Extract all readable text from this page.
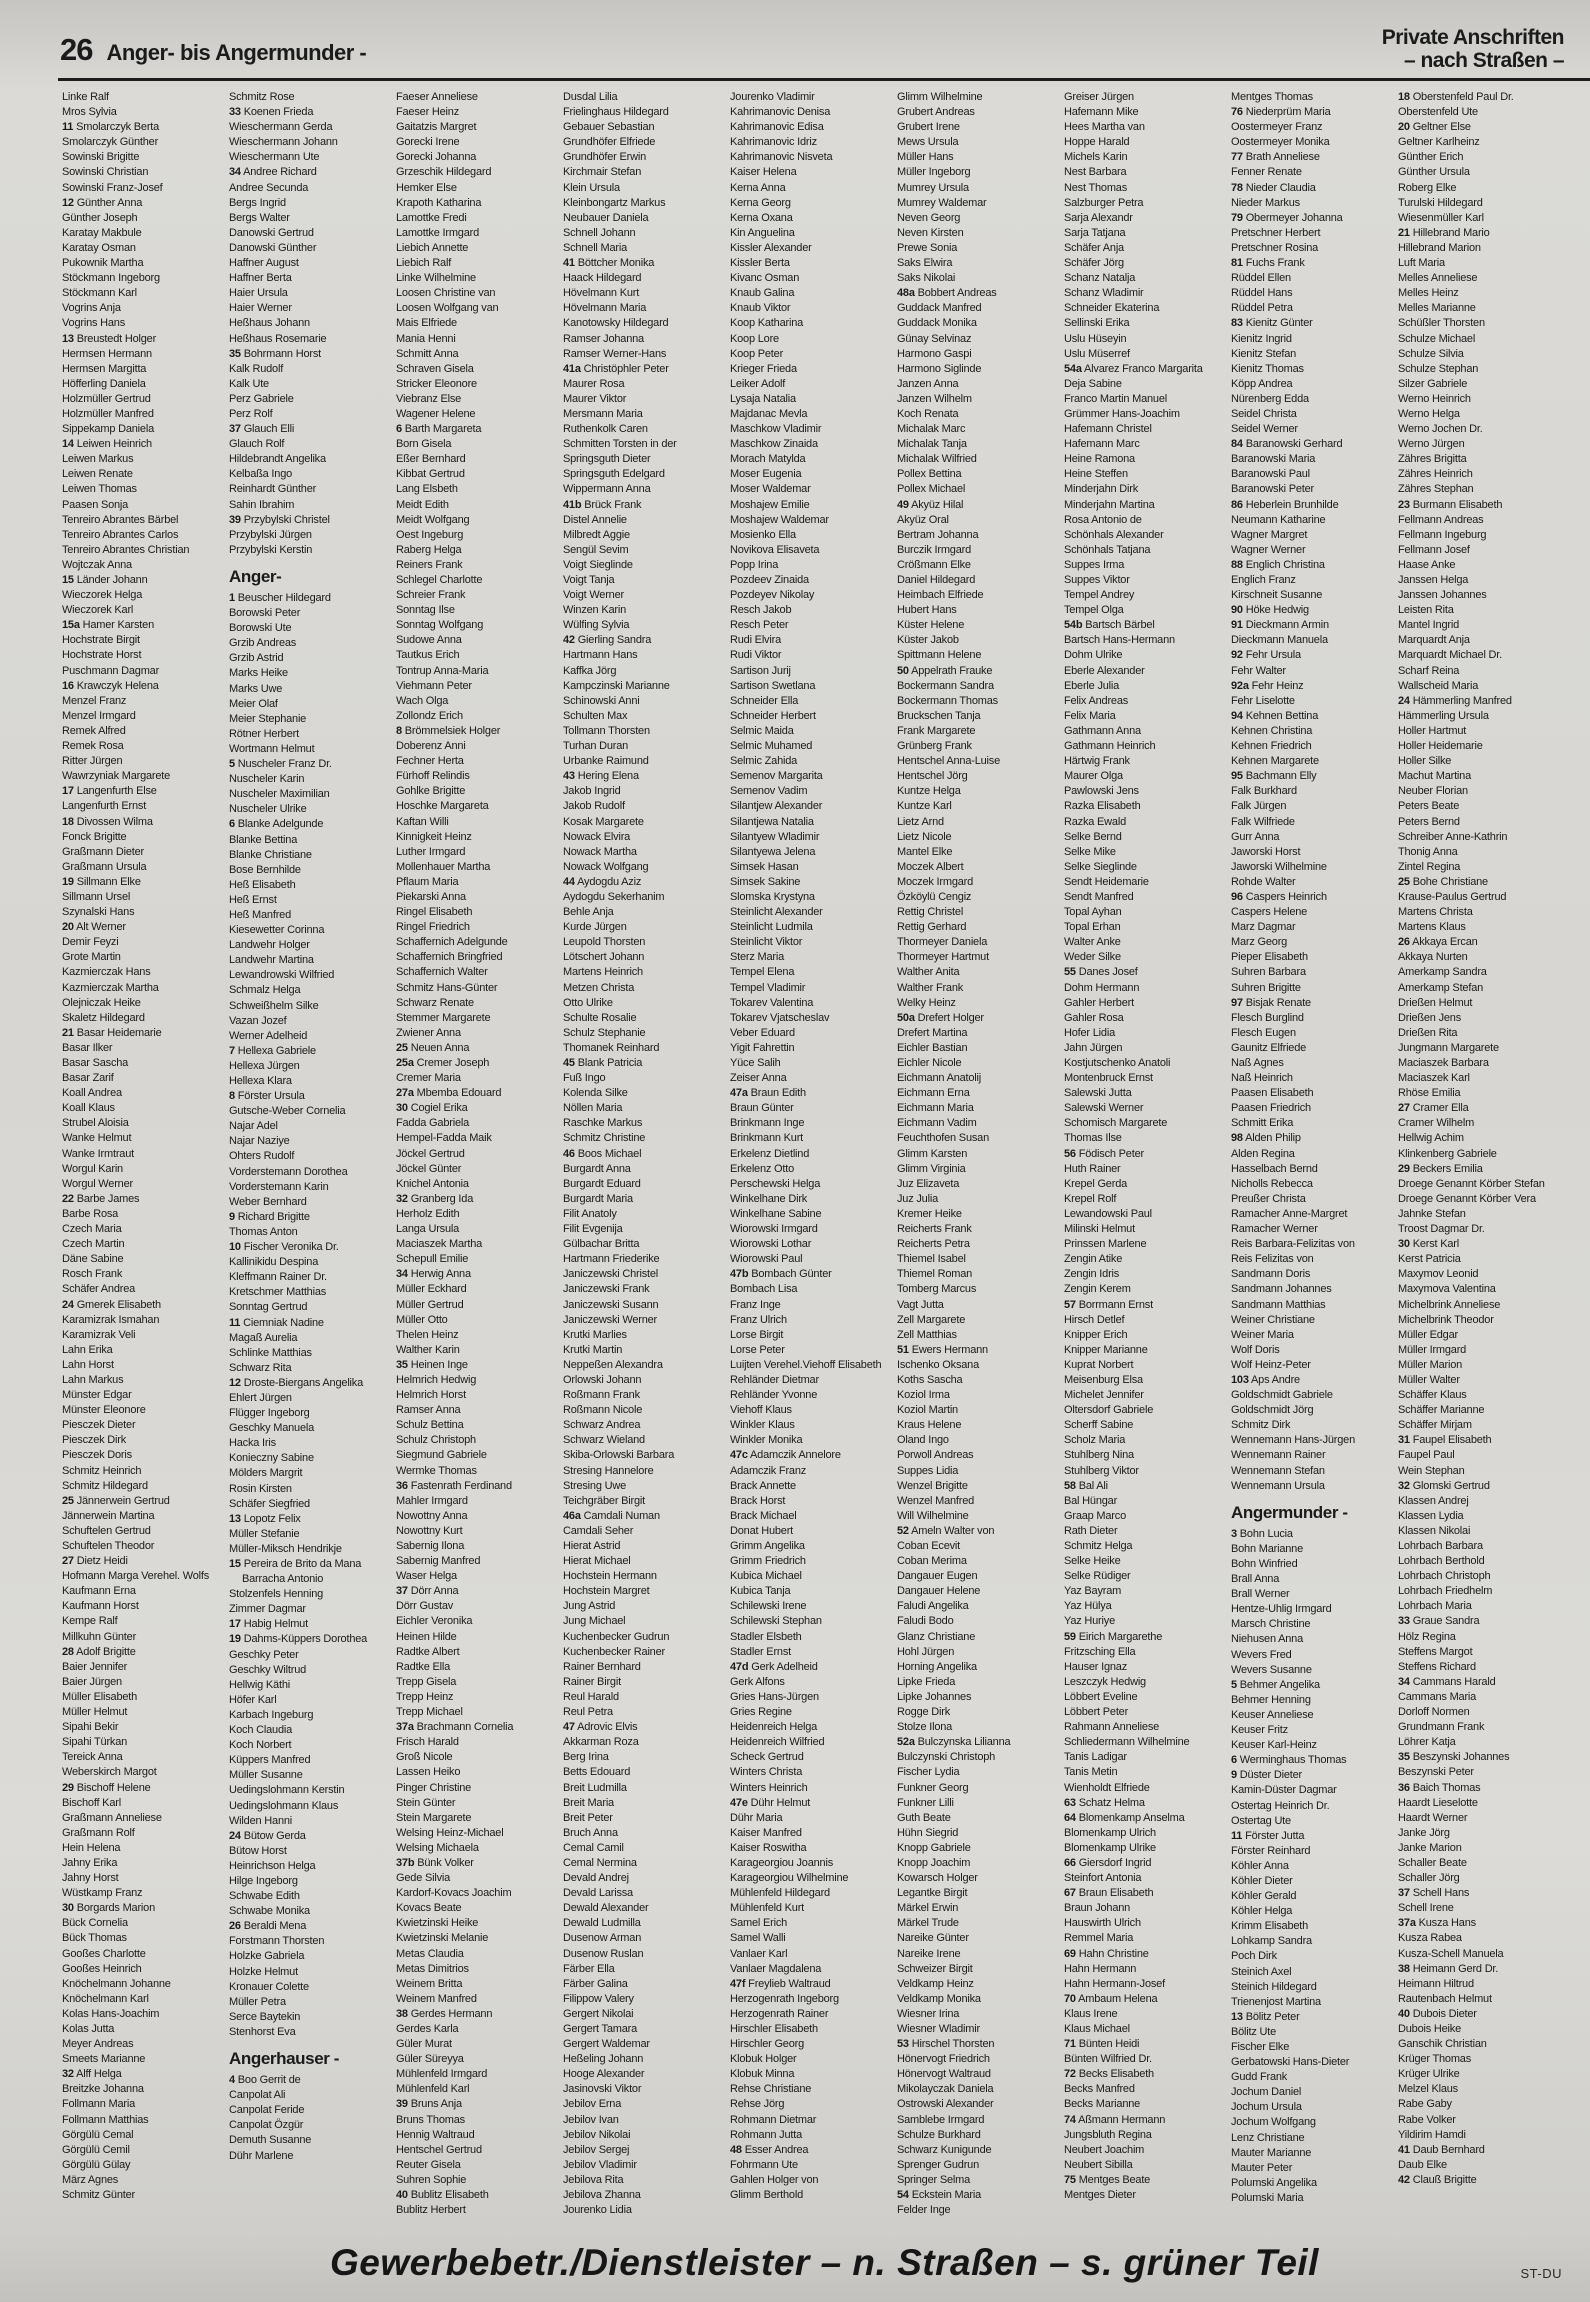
26 Anger- bis Angermunder -
Private Anschriften
– nach Straßen –
Linke Ralf
Mros Sylvia
11 Smolarczyk Berta
Smolarczyk Günther
Sowinski Brigitte
Sowinski Christian
Sowinski Franz-Josef
12 Günther Anna
Günther Joseph
Karatay Makbule
Karatay Osman
Pukownik Martha
Stöckmann Ingeborg
Stöckmann Karl
Vogrins Anja
Vogrins Hans
13 Breustedt Holger
Hermsen Hermann
Hermsen Margitta
Höfferling Daniela
Holzmüller Gertrud
Holzmüller Manfred
Sippekamp Daniela
14 Leiwen Heinrich
Leiwen Markus
Leiwen Renate
Leiwen Thomas
Paasen Sonja
Tenreiro Abrantes Bärbel
Tenreiro Abrantes Carlos
Tenreiro Abrantes Christian
Wojtczak Anna
15 Länder Johann
Wieczorek Helga
Wieczorek Karl
15a Hamer Karsten
Hochstrate Birgit
Hochstrate Horst
Puschmann Dagmar
16 Krawczyk Helena
Menzel Franz
Menzel Irmgard
Remek Alfred
Remek Rosa
Ritter Jürgen
Wawrzyniak Margarete
17 Langenfurth Else
Langenfurth Ernst
18 Divossen Wilma
Fonck Brigitte
Graßmann Dieter
Graßmann Ursula
19 Sillmann Elke
Sillmann Ursel
Szynalski Hans
20 Alt Werner
Demir Feyzi
Grote Martin
Kazmierczak Hans
Kazmierczak Martha
Olejniczak Heike
Skaletz Hildegard
21 Basar Heidemarie
Basar Ilker
Basar Sascha
Basar Zarif
Koall Andrea
Koall Klaus
Strubel Aloisia
Wanke Helmut
Wanke Irmtraut
Worgul Karin
Worgul Werner
22 Barbe James
Barbe Rosa
Czech Maria
Czech Martin
Däne Sabine
Rosch Frank
Schäfer Andrea
24 Gmerek Elisabeth
Karamizrak Ismahan
Karamizrak Veli
Lahn Erika
Lahn Horst
Lahn Markus
Münster Edgar
Münster Eleonore
Piesczek Dieter
Piesczek Dirk
Piesczek Doris
Schmitz Heinrich
Schmitz Hildegard
25 Jännerwein Gertrud
Jännerwein Martina
Schuftelen Gertrud
Schuftelen Theodor
27 Dietz Heidi
Hofmann Marga Verehel. Wolfs
Kaufmann Erna
Kaufmann Horst
Kempe Ralf
Millkuhn Günter
28 Adolf Brigitte
Baier Jennifer
Baier Jürgen
Müller Elisabeth
Müller Helmut
Sipahi Bekir
Sipahi Türkan
Tereick Anna
Weberskirch Margot
29 Bischoff Helene
Bischoff Karl
Graßmann Anneliese
Graßmann Rolf
Hein Helena
Jahny Erika
Jahny Horst
Wüstkamp Franz
30 Borgards Marion
Bück Cornelia
Bück Thomas
Gooßes Charlotte
Gooßes Heinrich
Knöchelmann Johanne
Knöchelmann Karl
Kolas Hans-Joachim
Kolas Jutta
Meyer Andreas
Smeets Marianne
32 Alff Helga
Breitzke Johanna
Follmann Maria
Follmann Matthias
Görgülü Cemal
Görgülü Cemil
Görgülü Gülay
März Agnes
Schmitz Günter
Schmitz Rose
33 Koenen Frieda
Wieschermann Gerda
Wieschermann Johann
Wieschermann Ute
34 Andree Richard
Andree Secunda
Bergs Ingrid
Bergs Walter
Danowski Gertrud
Danowski Günther
Haffner August
Haffner Berta
Haier Ursula
Haier Werner
Heßhaus Johann
Heßhaus Rosemarie
35 Bohrmann Horst
Kalk Rudolf
Kalk Ute
Perz Gabriele
Perz Rolf
37 Glauch Elli
Glauch Rolf
Hildebrandt Angelika
Kelbaßa Ingo
Reinhardt Günther
Sahin Ibrahim
39 Przybylski Christel
Przybylski Jürgen
Przybylski Kerstin
Anger-
1 Beuscher Hildegard
Borowski Peter
Borowski Ute
Grzib Andreas
Grzib Astrid
Marks Heike
Marks Uwe
Meier Olaf
Meier Stephanie
Rötner Herbert
Wortmann Helmut
5 Nuscheler Franz Dr.
Nuscheler Karin
Nuscheler Maximilian
Nuscheler Ulrike
6 Blanke Adelgunde
Blanke Bettina
Blanke Christiane
Bose Bernhilde
Heß Elisabeth
Heß Ernst
Heß Manfred
Kiesewetter Corinna
Landwehr Holger
Landwehr Martina
Lewandrowski Wilfried
Schmalz Helga
Schweißhelm Silke
Vazan Jozef
Werner Adelheid
7 Hellexa Gabriele
Hellexa Jürgen
Hellexa Klara
8 Förster Ursula
Gutsche-Weber Cornelia
Najar Adel
Najar Naziye
Ohters Rudolf
Vorderstemann Dorothea
Vorderstemann Karin
Weber Bernhard
9 Richard Brigitte
Thomas Anton
10 Fischer Veronika Dr.
Kallinikidu Despina
Kleffmann Rainer Dr.
Kretschmer Matthias
Sonntag Gertrud
11 Ciemniak Nadine
Magaß Aurelia
Schlinke Matthias
Schwarz Rita
12 Droste-Biergans Angelika
Ehlert Jürgen
Flügger Ingeborg
Geschky Manuela
Hacka Iris
Konieczny Sabine
Mölders Margrit
Rosin Kirsten
Schäfer Siegfried
13 Lopotz Felix
Müller Stefanie
Müller-Miksch Hendrikje
15 Pereira de Brito da Mana Barracha Antonio
Stolzenfels Henning
Zimmer Dagmar
17 Habig Helmut
19 Dahms-Küppers Dorothea
Geschky Peter
Geschky Wiltrud
Hellwig Käthi
Höfer Karl
Karbach Ingeburg
Koch Claudia
Koch Norbert
Küppers Manfred
Müller Susanne
Uedingslohmann Kerstin
Uedingslohmann Klaus
Wilden Hanni
24 Bütow Gerda
Bütow Horst
Heinrichson Helga
Hilge Ingeborg
Schwabe Edith
Schwabe Monika
26 Beraldi Mena
Forstmann Thorsten
Holzke Gabriela
Holzke Helmut
Kronauer Colette
Müller Petra
Serce Baytekin
Stenhorst Eva
Angerhauser -
4 Boo Gerrit de
Canpolat Ali
Canpolat Feride
Canpolat Özgür
Demuth Susanne
Dühr Marlene
Faeser Anneliese
Faeser Heinz
Gaitatzis Margret
Gorecki Irene
Gorecki Johanna
Grzeschik Hildegard
Hemker Else
Krapoth Katharina
Lamottke Fredi
Lamottke Irmgard
Liebich Annette
Liebich Ralf
Linke Wilhelmine
Loosen Christine van
Loosen Wolfgang van
Mais Elfriede
Mania Henni
Schmitt Anna
Schraven Gisela
Stricker Eleonore
Viebranz Else
Wagener Helene
6 Barth Margareta
Born Gisela
Eßer Bernhard
Kibbat Gertrud
Lang Elsbeth
Meidt Edith
Meidt Wolfgang
Oest Ingeburg
Raberg Helga
Reiners Frank
Schlegel Charlotte
Schreier Frank
Sonntag Ilse
Sonntag Wolfgang
Sudowe Anna
Tautkus Erich
Tontrup Anna-Maria
Viehmann Peter
Wach Olga
Zollondz Erich
8 Brömmelsiek Holger
Doberenz Anni
Fechner Herta
Fürhoff Relindis
Gohlke Brigitte
Hoschke Margareta
Kaftan Willi
Kinnigkeit Heinz
Luther Irmgard
Mollenhauer Martha
Pflaum Maria
Piekarski Anna
Ringel Elisabeth
Ringel Friedrich
Schaffernich Adelgunde
Schaffernich Bringfried
Schaffernich Walter
Schmitz Hans-Günter
Schwarz Renate
Stemmer Margarete
Zwiener Anna
25 Neuen Anna
25a Cremer Joseph
Cremer Maria
27a Mbemba Edouard
30 Cogiel Erika
Fadda Gabriela
Hempel-Fadda Maik
Jöckel Gertrud
Jöckel Günter
Knichel Antonia
32 Granberg Ida
Herholz Edith
Langa Ursula
Maciaszek Martha
Schepull Emilie
34 Herwig Anna
Müller Eckhard
Müller Gertrud
Müller Otto
Thelen Heinz
Walther Karin
35 Heinen Inge
Helmrich Hedwig
Helmrich Horst
Ramser Anna
Schulz Bettina
Schulz Christoph
Siegmund Gabriele
Wermke Thomas
36 Fastenrath Ferdinand
Mahler Irmgard
Nowottny Anna
Nowottny Kurt
Sabernig Ilona
Sabernig Manfred
Waser Helga
37 Dörr Anna
Dörr Gustav
Eichler Veronika
Heinen Hilde
Radtke Albert
Radtke Ella
Trepp Gisela
Trepp Heinz
Trepp Michael
37a Brachmann Cornelia
Frisch Harald
Groß Nicole
Lassen Heiko
Pinger Christine
Stein Günter
Stein Margarete
Welsing Heinz-Michael
Welsing Michaela
37b Bünk Volker
Gede Silvia
Kardorf-Kovacs Joachim
Kovacs Beate
Kwietzinski Heike
Kwietzinski Melanie
Metas Claudia
Metas Dimitrios
Weinem Britta
Weinem Manfred
38 Gerdes Hermann
Gerdes Karla
Güler Murat
Güler Süreyya
Mühlenfeld Irmgard
Mühlenfeld Karl
39 Bruns Anja
Bruns Thomas
Hennig Waltraud
Hentschel Gertrud
Reuter Gisela
Suhren Sophie
40 Bublitz Elisabeth
Bublitz Herbert
Dusdal Lilia
Frielinghaus Hildegard
Gebauer Sebastian
Grundhöfer Elfriede
Grundhöfer Erwin
Kirchmair Stefan
Klein Ursula
Kleinbongartz Markus
Neubauer Daniela
Schnell Johann
Schnell Maria
41 Böttcher Monika
Haack Hildegard
Hövelmann Kurt
Hövelmann Maria
Kanotowsky Hildegard
Ramser Johanna
Ramser Werner-Hans
41a Christöphler Peter
Maurer Rosa
Maurer Viktor
Mersmann Maria
Ruthenkolk Caren
Schmitten Torsten in der
Springsguth Dieter
Springsguth Edelgard
Wippermann Anna
41b Brück Frank
Distel Annelie
Milbredt Aggie
Sengül Sevim
Voigt Sieglinde
Voigt Tanja
Voigt Werner
Winzen Karin
Wülfing Sylvia
42 Gierling Sandra
Hartmann Hans
Kaffka Jörg
Kampczinski Marianne
Schinowski Anni
Schulten Max
Tollmann Thorsten
Turhan Duran
Urbanke Raimund
43 Hering Elena
Jakob Ingrid
Jakob Rudolf
Kosak Margarete
Nowack Elvira
Nowack Martha
Nowack Wolfgang
44 Aydogdu Aziz
Aydogdu Sekerhanim
Behle Anja
Kurde Jürgen
Leupold Thorsten
Lötschert Johann
Martens Heinrich
Metzen Christa
Otto Ulrike
Schulte Rosalie
Schulz Stephanie
Thomanek Reinhard
45 Blank Patricia
Fuß Ingo
Kolenda Silke
Nöllen Maria
Raschke Markus
Schmitz Christine
46 Boos Michael
Burgardt Anna
Burgardt Eduard
Burgardt Maria
Filit Anatoly
Filit Evgenija
Gülbachar Britta
Hartmann Friederike
Janiczewski Christel
Janiczewski Frank
Janiczewski Susann
Janiczewski Werner
Krutki Marlies
Krutki Martin
Neppeßen Alexandra
Orlowski Johann
Roßmann Frank
Roßmann Nicole
Schwarz Andrea
Schwarz Wieland
Skiba-Orlowski Barbara
Stresing Hannelore
Stresing Uwe
Teichgräber Birgit
46a Camdali Numan
Camdali Seher
Hierat Astrid
Hierat Michael
Hochstein Hermann
Hochstein Margret
Jung Astrid
Jung Michael
Kuchenbecker Gudrun
Kuchenbecker Rainer
Rainer Bernhard
Rainer Birgit
Reul Harald
Reul Petra
47 Adrovic Elvis
Akkarman Roza
Berg Irina
Betts Edouard
Breit Ludmilla
Breit Maria
Breit Peter
Bruch Anna
Cemal Camil
Cemal Nermina
Devald Andrej
Devald Larissa
Dewald Alexander
Dewald Ludmilla
Dusenow Arman
Dusenow Ruslan
Färber Ella
Färber Galina
Filippow Valery
Gergert Nikolai
Gergert Tamara
Gergert Waldemar
Heßeling Johann
Hooge Alexander
Jasinovski Viktor
Jebilov Erna
Jebilov Ivan
Jebilov Nikolai
Jebilov Sergej
Jebilov Vladimir
Jebilova Rita
Jebilova Zhanna
Jourenko Lidia
Jourenko Vladimir
Kahrimanovic Denisa
Kahrimanovic Edisa
Kahrimanovic Idriz
Kahrimanovic Nisveta
Kaiser Helena
Kerna Anna
Kerna Georg
Kerna Oxana
Kin Anguelina
Kissler Alexander
Kissler Berta
Kivanc Osman
Knaub Galina
Knaub Viktor
Koop Katharina
Koop Lore
Koop Peter
Krieger Frieda
Leiker Adolf
Lysaja Natalia
Majdanac Mevla
Maschkow Vladimir
Maschkow Zinaida
Morach Matylda
Moser Eugenia
Moser Waldemar
Moshajew Emilie
Moshajew Waldemar
Mosienko Ella
Novikova Elisaveta
Popp Irina
Pozdeev Zinaida
Pozdeyev Nikolay
Resch Jakob
Resch Peter
Rudi Elvira
Rudi Viktor
Sartison Jurij
Sartison Swetlana
Schneider Ella
Schneider Herbert
Selmic Maida
Selmic Muhamed
Selmic Zahida
Semenov Margarita
Semenov Vadim
Silantjew Alexander
Silantjewa Natalia
Silantyew Wladimir
Silantyewa Jelena
Simsek Hasan
Simsek Sakine
Slomska Krystyna
Steinlicht Alexander
Steinlicht Ludmila
Steinlicht Viktor
Sterz Maria
Tempel Elena
Tempel Vladimir
Tokarev Valentina
Tokarev Vjatscheslav
Veber Eduard
Yigit Fahrettin
Yüce Salih
Zeiser Anna
47a Braun Edith
Braun Günter
Brinkmann Inge
Brinkmann Kurt
Erkelenz Dietlind
Erkelenz Otto
Perschewski Helga
Winkelhane Dirk
Winkelhane Sabine
Wiorowski Irmgard
Wiorowski Lothar
Wiorowski Paul
47b Bombach Günter
Bombach Lisa
Franz Inge
Franz Ulrich
Lorse Birgit
Lorse Peter
Luijten Verehel.Viehoff Elisabeth
Rehländer Dietmar
Rehländer Yvonne
Viehoff Klaus
Winkler Klaus
Winkler Monika
47c Adamczik Annelore
Adamczik Franz
Brack Annette
Brack Horst
Brack Michael
Donat Hubert
Grimm Angelika
Grimm Friedrich
Kubica Michael
Kubica Tanja
Schilewski Irene
Schilewski Stephan
Stadler Elsbeth
Stadler Ernst
47d Gerk Adelheid
Gerk Alfons
Gries Hans-Jürgen
Gries Regine
Heidenreich Helga
Heidenreich Wilfried
Scheck Gertrud
Winters Christa
Winters Heinrich
47e Dühr Helmut
Dühr Maria
Kaiser Manfred
Kaiser Roswitha
Karageorgiou Joannis
Karageorgiou Wilhelmine
Mühlenfeld Hildegard
Mühlenfeld Kurt
Samel Erich
Samel Walli
Vanlaer Karl
Vanlaer Magdalena
47f Freylieb Waltraud
Herzogenrath Ingeborg
Herzogenrath Rainer
Hirschler Elisabeth
Hirschler Georg
Klobuk Holger
Klobuk Minna
Rehse Christiane
Rehse Jörg
Rohmann Dietmar
Rohmann Jutta
48 Esser Andrea
Fohrmann Ute
Gahlen Holger von
Glimm Berthold
Glimm Wilhelmine
Grubert Andreas
Grubert Irene
Mews Ursula
Müller Hans
Müller Ingeborg
Mumrey Ursula
Mumrey Waldemar
Neven Georg
Neven Kirsten
Prewe Sonia
Saks Elwira
Saks Nikolai
48a Bobbert Andreas
Guddack Manfred
Guddack Monika
Günay Selvinaz
Harmono Gaspi
Harmono Siglinde
Janzen Anna
Janzen Wilhelm
Koch Renata
Michalak Marc
Michalak Tanja
Michalak Wilfried
Pollex Bettina
Pollex Michael
49 Akyüz Hilal
Akyüz Oral
Bertram Johanna
Burczik Irmgard
Crößmann Elke
Daniel Hildegard
Heimbach Elfriede
Hubert Hans
Küster Helene
Küster Jakob
Spittmann Helene
50 Appelrath Frauke
Bockermann Sandra
Bockermann Thomas
Bruckschen Tanja
Frank Margarete
Grünberg Frank
Hentschel Anna-Luise
Hentschel Jörg
Kuntze Helga
Kuntze Karl
Lietz Arnd
Lietz Nicole
Mantel Elke
Moczek Albert
Moczek Irmgard
Özköylü Cengiz
Rettig Christel
Rettig Gerhard
Thormeyer Daniela
Thormeyer Hartmut
Walther Anita
Walther Frank
Welky Heinz
50a Drefert Holger
Drefert Martina
Eichler Bastian
Eichler Nicole
Eichmann Anatolij
Eichmann Erna
Eichmann Maria
Eichmann Vadim
Feuchthofen Susan
Glimm Karsten
Glimm Virginia
Juz Elizaveta
Juz Julia
Kremer Heike
Reicherts Frank
Reicherts Petra
Thiemel Isabel
Thiemel Roman
Tomberg Marcus
Vagt Jutta
Zell Margarete
Zell Matthias
51 Ewers Hermann
Ischenko Oksana
Koths Sascha
Koziol Irma
Koziol Martin
Kraus Helene
Oland Ingo
Porwoll Andreas
Suppes Lidia
Wenzel Brigitte
Wenzel Manfred
Will Wilhelmine
52 Ameln Walter von
Coban Ecevit
Coban Merima
Dangauer Eugen
Dangauer Helene
Faludi Angelika
Faludi Bodo
Glanz Christiane
Hohl Jürgen
Horning Angelika
Lipke Frieda
Lipke Johannes
Rogge Dirk
Stolze Ilona
52a Bulczynska Lilianna
Bulczynski Christoph
Fischer Lydia
Funkner Georg
Funkner Lilli
Guth Beate
Hühn Siegrid
Knopp Gabriele
Knopp Joachim
Kowarsch Holger
Legantke Birgit
Märkel Erwin
Märkel Trude
Nareike Günter
Nareike Irene
Schweizer Birgit
Veldkamp Heinz
Veldkamp Monika
Wiesner Irina
Wiesner Wladimir
53 Hirschel Thorsten
Hönervogt Friedrich
Hönervogt Waltraud
Mikolayczak Daniela
Ostrowski Alexander
Samblebe Irmgard
Schulze Burkhard
Schwarz Kunigunde
Sprenger Gudrun
Springer Selma
54 Eckstein Maria
Felder Inge
Greiser Jürgen
Hafemann Mike
Hees Martha van
Hoppe Harald
Michels Karin
Nest Barbara
Nest Thomas
Salzburger Petra
Sarja Alexandr
Sarja Tatjana
Schäfer Anja
Schäfer Jörg
Schanz Natalja
Schanz Wladimir
Schneider Ekaterina
Sellinski Erika
Uslu Hüseyin
Uslu Müserref
54a Alvarez Franco Margarita
Deja Sabine
Franco Martin Manuel
Grümmer Hans-Joachim
Hafemann Christel
Hafemann Marc
Heine Ramona
Heine Steffen
Minderjahn Dirk
Minderjahn Martina
Rosa Antonio de
Schönhals Alexander
Schönhals Tatjana
Suppes Irma
Suppes Viktor
Tempel Andrey
Tempel Olga
54b Bartsch Bärbel
Bartsch Hans-Hermann
Dohm Ulrike
Eberle Alexander
Eberle Julia
Felix Andreas
Felix Maria
Gathmann Anna
Gathmann Heinrich
Härtwig Frank
Maurer Olga
Pawlowski Jens
Razka Elisabeth
Razka Ewald
Selke Bernd
Selke Mike
Selke Sieglinde
Sendt Heidemarie
Sendt Manfred
Topal Ayhan
Topal Erhan
Walter Anke
Weder Silke
55 Danes Josef
Dohm Hermann
Gahler Herbert
Gahler Rosa
Hofer Lidia
Jahn Jürgen
Kostjutschenko Anatoli
Montenbruck Ernst
Salewski Jutta
Salewski Werner
Schomisch Margarete
Thomas Ilse
56 Födisch Peter
Huth Rainer
Krepel Gerda
Krepel Rolf
Lewandowski Paul
Milinski Helmut
Prinssen Marlene
Zengin Atike
Zengin Idris
Zengin Kerem
57 Borrmann Ernst
Hirsch Detlef
Knipper Erich
Knipper Marianne
Kuprat Norbert
Meisenburg Elsa
Michelet Jennifer
Oltersdorf Gabriele
Scherff Sabine
Scholz Maria
Stuhlberg Nina
Stuhlberg Viktor
58 Bal Ali
Bal Hüngar
Graap Marco
Rath Dieter
Schmitz Helga
Selke Heike
Selke Rüdiger
Yaz Bayram
Yaz Hülya
Yaz Huriye
59 Eirich Margarethe
Fritzsching Ella
Hauser Ignaz
Leszczyk Hedwig
Löbbert Eveline
Löbbert Peter
Rahmann Anneliese
Schliedermann Wilhelmine
Tanis Ladigar
Tanis Metin
Wienholdt Elfriede
63 Schatz Helma
64 Blomenkamp Anselma
Blomenkamp Ulrich
Blomenkamp Ulrike
66 Giersdorf Ingrid
Steinfort Antonia
67 Braun Elisabeth
Braun Johann
Hauswirth Ulrich
Remmel Maria
69 Hahn Christine
Hahn Hermann
Hahn Hermann-Josef
70 Ambaum Helena
Klaus Irene
Klaus Michael
71 Bünten Heidi
Bünten Wilfried Dr.
72 Becks Elisabeth
Becks Manfred
Becks Marianne
74 Aßmann Hermann
Jungsbluth Regina
Neubert Joachim
Neubert Sibilla
75 Mentges Beate
Mentges Dieter
Mentges Thomas
76 Niederprüm Maria
Oostermeyer Franz
Oostermeyer Monika
77 Brath Anneliese
Fenner Renate
78 Nieder Claudia
Nieder Markus
79 Obermeyer Johanna
Pretschner Herbert
Pretschner Rosina
81 Fuchs Frank
Rüddel Ellen
Rüddel Hans
Rüddel Petra
83 Kienitz Günter
Kienitz Ingrid
Kienitz Stefan
Kienitz Thomas
Köpp Andrea
Nürenberg Edda
Seidel Christa
Seidel Werner
84 Baranowski Gerhard
Baranowski Maria
Baranowski Paul
Baranowski Peter
86 Heberlein Brunhilde
Neumann Katharine
Wagner Margret
Wagner Werner
88 Englich Christina
Englich Franz
Kirschneit Susanne
90 Höke Hedwig
91 Dieckmann Armin
Dieckmann Manuela
92 Fehr Ursula
Fehr Walter
92a Fehr Heinz
Fehr Liselotte
94 Kehnen Bettina
Kehnen Christina
Kehnen Friedrich
Kehnen Margarete
95 Bachmann Elly
Falk Burkhard
Falk Jürgen
Falk Wilfriede
Gurr Anna
Jaworski Horst
Jaworski Wilhelmine
Rohde Walter
96 Caspers Heinrich
Caspers Helene
Marz Dagmar
Marz Georg
Pieper Elisabeth
Suhren Barbara
Suhren Brigitte
97 Bisjak Renate
Flesch Burglind
Flesch Eugen
Gaunitz Elfriede
Naß Agnes
Naß Heinrich
Paasen Elisabeth
Paasen Friedrich
Schmitt Erika
98 Alden Philip
Alden Regina
Hasselbach Bernd
Nicholls Rebecca
Preußer Christa
Ramacher Anne-Margret
Ramacher Werner
Reis Barbara-Felizitas von
Reis Felizitas von
Sandmann Doris
Sandmann Johannes
Sandmann Matthias
Weiner Christiane
Weiner Maria
Wolf Doris
Wolf Heinz-Peter
103 Aps Andre
Goldschmidt Gabriele
Goldschmidt Jörg
Schmitz Dirk
Wennemann Hans-Jürgen
Wennemann Rainer
Wennemann Stefan
Wennemann Ursula
Angermunder -
3 Bohn Lucia
Bohn Marianne
Bohn Winfried
Brall Anna
Brall Werner
Hentze-Uhlig Irmgard
Marsch Christine
Niehusen Anna
Wevers Fred
Wevers Susanne
5 Behmer Angelika
Behmer Henning
Keuser Anneliese
Keuser Fritz
Keuser Karl-Heinz
6 Werminghaus Thomas
9 Düster Dieter
Kamin-Düster Dagmar
Ostertag Heinrich Dr.
Ostertag Ute
11 Förster Jutta
Förster Reinhard
Köhler Anna
Köhler Dieter
Köhler Gerald
Köhler Helga
Krimm Elisabeth
Lohkamp Sandra
Poch Dirk
Steinich Axel
Steinich Hildegard
Trienenjost Martina
13 Bölitz Peter
Bölitz Ute
Fischer Elke
Gerbatowski Hans-Dieter
Gudd Frank
Jochum Daniel
Jochum Ursula
Jochum Wolfgang
Lenz Christiane
Mauter Marianne
Mauter Peter
Polumski Angelika
Polumski Maria
18 Oberstenfeld Paul Dr.
Oberstenfeld Ute
20 Geltner Else
Geltner Karlheinz
Günther Erich
Günther Ursula
Roberg Elke
Turulski Hildegard
Wiesenmüller Karl
21 Hillebrand Mario
Hillebrand Marion
Luft Maria
Melles Anneliese
Melles Heinz
Melles Marianne
Schüßler Thorsten
Schulze Michael
Schulze Silvia
Schulze Stephan
Silzer Gabriele
Werno Heinrich
Werno Helga
Werno Jochen Dr.
Werno Jürgen
Zähres Brigitta
Zähres Heinrich
Zähres Stephan
23 Burmann Elisabeth
Fellmann Andreas
Fellmann Ingeburg
Fellmann Josef
Haase Anke
Janssen Helga
Janssen Johannes
Leisten Rita
Mantel Ingrid
Marquardt Anja
Marquardt Michael Dr.
Scharf Reina
Wallscheid Maria
24 Hämmerling Manfred
Hämmerling Ursula
Holler Hartmut
Holler Heidemarie
Holler Silke
Machut Martina
Neuber Florian
Peters Beate
Peters Bernd
Schreiber Anne-Kathrin
Thonig Anna
Zintel Regina
25 Bohe Christiane
Krause-Paulus Gertrud
Martens Christa
Martens Klaus
26 Akkaya Ercan
Akkaya Nurten
Amerkamp Sandra
Amerkamp Stefan
Drießen Helmut
Drießen Jens
Drießen Rita
Jungmann Margarete
Maciaszek Barbara
Maciaszek Karl
Rhöse Emilia
27 Cramer Ella
Cramer Wilhelm
Hellwig Achim
Klinkenberg Gabriele
29 Beckers Emilia
Droege Genannt Körber Stefan
Droege Genannt Körber Vera
Jahnke Stefan
Troost Dagmar Dr.
30 Kerst Karl
Kerst Patricia
Maxymov Leonid
Maxymova Valentina
Michelbrink Anneliese
Michelbrink Theodor
Müller Edgar
Müller Irmgard
Müller Marion
Müller Walter
Schäffer Klaus
Schäffer Marianne
Schäffer Mirjam
31 Faupel Elisabeth
Faupel Paul
Wein Stephan
32 Glomski Gertrud
Klassen Andrej
Klassen Lydia
Klassen Nikolai
Lohrbach Barbara
Lohrbach Berthold
Lohrbach Christoph
Lohrbach Friedhelm
Lohrbach Maria
33 Graue Sandra
Hölz Regina
Steffens Margot
Steffens Richard
34 Cammans Harald
Cammans Maria
Dorloff Normen
Grundmann Frank
Löhrer Katja
35 Beszynski Johannes
Beszynski Peter
36 Baich Thomas
Haardt Lieselotte
Haardt Werner
Janke Jörg
Janke Marion
Schaller Beate
Schaller Jörg
37 Schell Hans
Schell Irene
37a Kusza Hans
Kusza Rabea
Kusza-Schell Manuela
38 Heimann Gerd Dr.
Heimann Hiltrud
Rautenbach Helmut
40 Dubois Dieter
Dubois Heike
Ganschik Christian
Krüger Thomas
Krüger Ulrike
Melzel Klaus
Rabe Gaby
Rabe Volker
Yildirim Hamdi
41 Daub Bernhard
Daub Elke
42 Clauß Brigitte
Gewerbebetr./Dienstleister – n. Straßen – s. grüner Teil	ST-DU
